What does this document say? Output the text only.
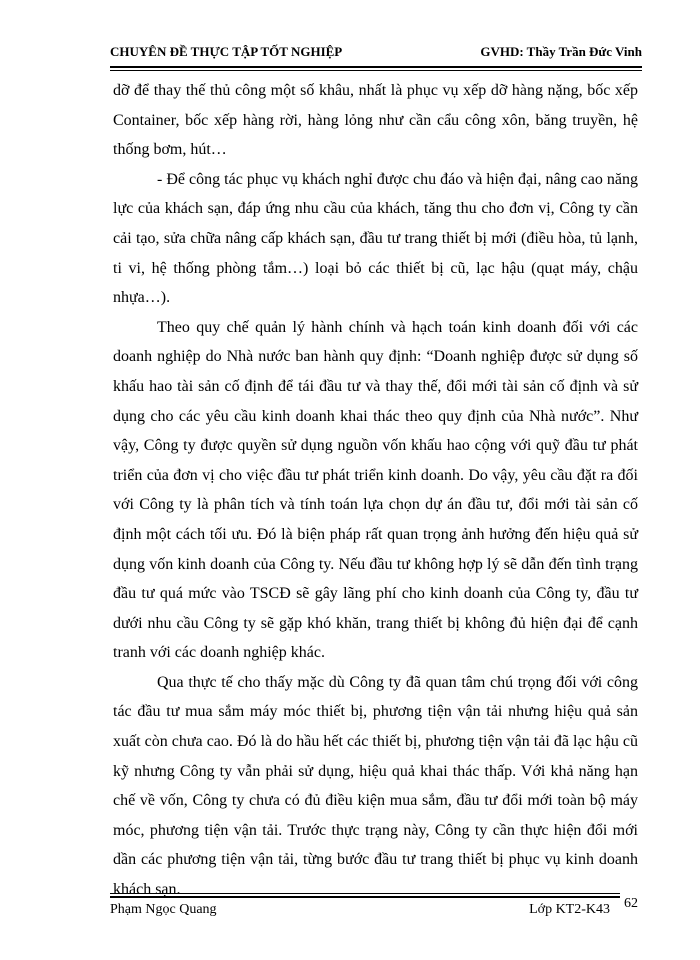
CHUYÊN ĐỀ THỰC TẬP TỐT NGHIỆP	GVHD: Thầy Trần Đức Vinh

dỡ để thay thế thủ công một số khâu, nhất là phục vụ xếp dỡ hàng nặng, bốc xếp Container, bốc xếp hàng rời, hàng lỏng như cần cẩu công xôn, băng truyền, hệ thống bơm, hút…

- Để công tác phục vụ khách nghỉ được chu đáo và hiện đại, nâng cao năng lực của khách sạn, đáp ứng nhu cầu của khách, tăng thu cho đơn vị, Công ty cần cải tạo, sửa chữa nâng cấp khách sạn, đầu tư trang thiết bị mới (điều hòa, tủ lạnh, ti vi, hệ thống phòng tắm…) loại bỏ các thiết bị cũ, lạc hậu (quạt máy, chậu nhựa…).

Theo quy chế quản lý hành chính và hạch toán kinh doanh đối với các doanh nghiệp do Nhà nước ban hành quy định: “Doanh nghiệp được sử dụng số khấu hao tài sản cố định để tái đầu tư và thay thế, đổi mới tài sản cố định và sử dụng cho các yêu cầu kinh doanh khai thác theo quy định của Nhà nước”. Như vậy, Công ty được quyền sử dụng nguồn vốn khấu hao cộng với quỹ đầu tư phát triển của đơn vị cho việc đầu tư phát triển kinh doanh. Do vậy, yêu cầu đặt ra đối với Công ty là phân tích và tính toán lựa chọn dự án đầu tư, đổi mới tài sản cố định một cách tối ưu. Đó là biện pháp rất quan trọng ảnh hưởng đến hiệu quả sử dụng vốn kinh doanh của Công ty. Nếu đầu tư không hợp lý sẽ dẫn đến tình trạng đầu tư quá mức vào TSCĐ sẽ gây lãng phí cho kinh doanh của Công ty, đầu tư dưới nhu cầu Công ty sẽ gặp khó khăn, trang thiết bị không đủ hiện đại để cạnh tranh với các doanh nghiệp khác.

Qua thực tế cho thấy mặc dù Công ty đã quan tâm chú trọng đối với công tác đầu tư mua sắm máy móc thiết bị, phương tiện vận tải nhưng hiệu quả sản xuất còn chưa cao. Đó là do hầu hết các thiết bị, phương tiện vận tải đã lạc hậu cũ kỹ nhưng Công ty vẫn phải sử dụng, hiệu quả khai thác thấp. Với khả năng hạn chế về vốn, Công ty chưa có đủ điều kiện mua sắm, đầu tư đổi mới toàn bộ máy móc, phương tiện vận tải. Trước thực trạng này, Công ty cần thực hiện đổi mới dần các phương tiện vận tải, từng bước đầu tư trang thiết bị phục vụ kinh doanh khách sạn.

Phạm Ngọc Quang	Lớp KT2-K43 62
